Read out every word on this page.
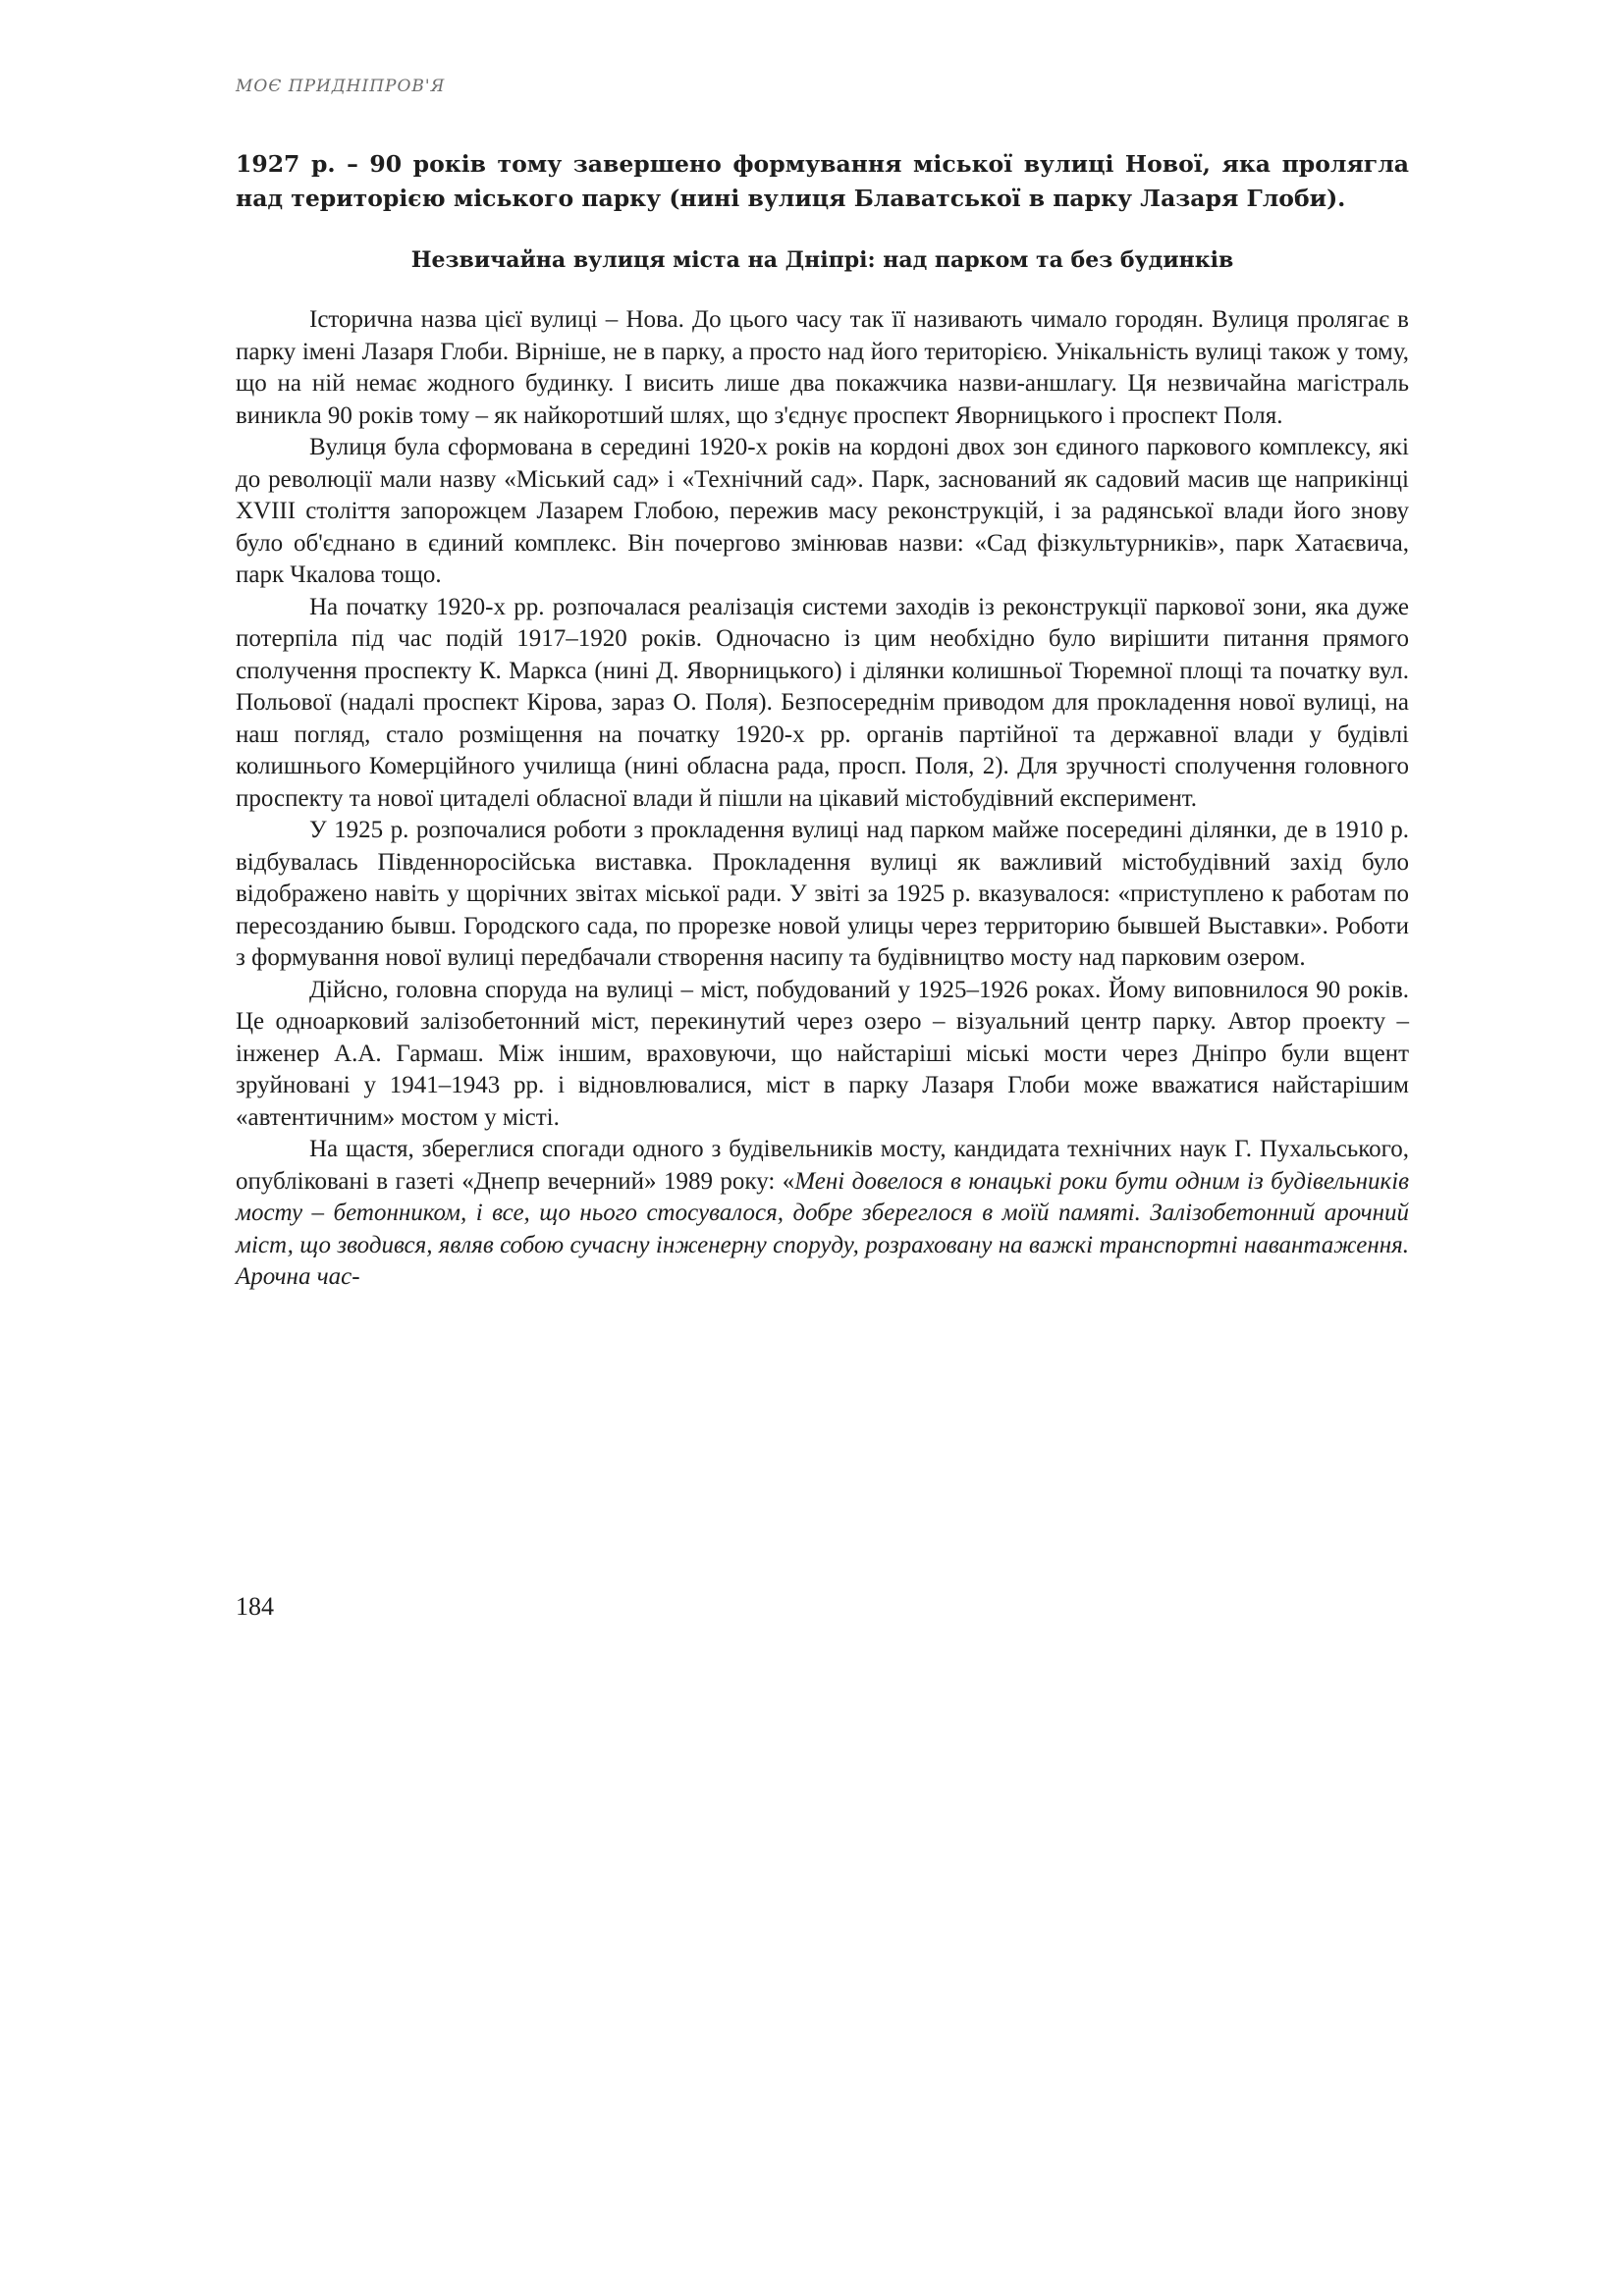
МОЄ ПРИДНІПРОВ'Я
1927 р. – 90 років тому завершено формування міської вулиці Нової, яка пролягла над територією міського парку (нині вулиця Блаватської в парку Лазаря Глоби).
Незвичайна вулиця міста на Дніпрі: над парком та без будинків

Історична назва цієї вулиці – Нова. До цього часу так її називають чимало городян. Вулиця пролягає в парку імені Лазаря Глоби. Вірніше, не в парку, а просто над його територією. Унікальність вулиці також у тому, що на ній немає жодного будинку. І висить лише два покажчика назви-аншлагу. Ця незвичайна магістраль виникла 90 років тому – як найкоротший шлях, що з'єднує проспект Яворницького і проспект Поля.

Вулиця була сформована в середині 1920-х років на кордоні двох зон єдиного паркового комплексу, які до революції мали назву «Міський сад» і «Технічний сад». Парк, заснований як садовий масив ще наприкінці XVIII століття запорожцем Лазарем Глобою, пережив масу реконструкцій, і за радянської влади його знову було об'єднано в єдиний комплекс. Він почергово змінював назви: «Сад фізкультурників», парк Хатаєвича, парк Чкалова тощо.

На початку 1920-х рр. розпочалася реалізація системи заходів із реконструкції паркової зони, яка дуже потерпіла під час подій 1917–1920 років. Одночасно із цим необхідно було вирішити питання прямого сполучення проспекту К. Маркса (нині Д. Яворницького) і ділянки колишньої Тюремної площі та початку вул. Польової (надалі проспект Кірова, зараз О. Поля). Безпосереднім приводом для прокладення нової вулиці, на наш погляд, стало розміщення на початку 1920-х рр. органів партійної та державної влади у будівлі колишнього Комерційного училища (нині обласна рада, просп. Поля, 2). Для зручності сполучення головного проспекту та нової цитаделі обласної влади й пішли на цікавий містобудівний експеримент.

У 1925 р. розпочалися роботи з прокладення вулиці над парком майже посередині ділянки, де в 1910 р. відбувалась Південноросійська виставка. Прокладення вулиці як важливий містобудівний захід було відображено навіть у щорічних звітах міської ради. У звіті за 1925 р. вказувалося: «приступлено к работам по пересозданию бывш. Городского сада, по прорезке новой улицы через территорию бывшей Выставки». Роботи з формування нової вулиці передбачали створення насипу та будівництво мосту над парковим озером.

Дійсно, головна споруда на вулиці – міст, побудований у 1925–1926 роках. Йому виповнилося 90 років. Це одноарковий залізобетонний міст, перекинутий через озеро – візуальний центр парку. Автор проекту – інженер А.А. Гармаш. Між іншим, враховуючи, що найстаріші міські мости через Дніпро були вщент зруйновані у 1941–1943 рр. і відновлювалися, міст в парку Лазаря Глоби може вважатися найстарішим «автентичним» мостом у місті.

На щастя, збереглися спогади одного з будівельників мосту, кандидата технічних наук Г. Пухальського, опубліковані в газеті «Днепр вечерний» 1989 року: «Мені довелося в юнацькі роки бути одним із будівельників мосту – бетонником, і все, що нього стосувалося, добре збереглося в моїй памяті. Залізобетонний арочний міст, що зводився, являв собою сучасну інженерну споруду, розраховану на важкі транспортні навантаження. Арочна час-

184
